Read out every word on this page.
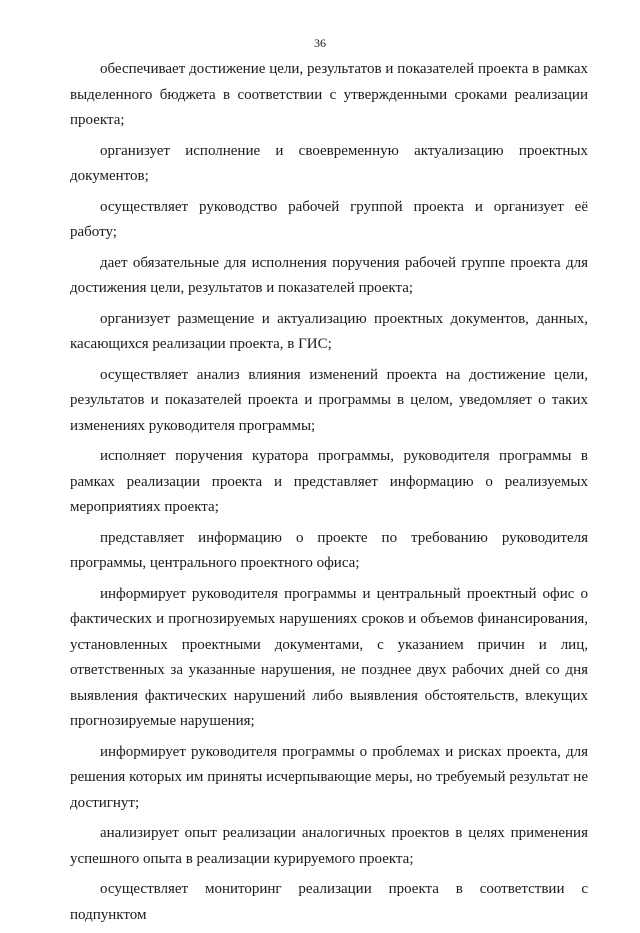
36

обеспечивает достижение цели, результатов и показателей проекта в рамках выделенного бюджета в соответствии с утвержденными сроками реализации проекта;

организует исполнение и своевременную актуализацию проектных документов;

осуществляет руководство рабочей группой проекта и организует её работу;

дает обязательные для исполнения поручения рабочей группе проекта для достижения цели, результатов и показателей проекта;

организует размещение и актуализацию проектных документов, данных, касающихся реализации проекта, в ГИС;

осуществляет анализ влияния изменений проекта на достижение цели, результатов и показателей проекта и программы в целом, уведомляет о таких изменениях руководителя программы;

исполняет поручения куратора программы, руководителя программы в рамках реализации проекта и представляет информацию о реализуемых мероприятиях проекта;

представляет информацию о проекте по требованию руководителя программы, центрального проектного офиса;

информирует руководителя программы и центральный проектный офис о фактических и прогнозируемых нарушениях сроков и объемов финансирования, установленных проектными документами, с указанием причин и лиц, ответственных за указанные нарушения, не позднее двух рабочих дней со дня выявления фактических нарушений либо выявления обстоятельств, влекущих прогнозируемые нарушения;

информирует руководителя программы о проблемах и рисках проекта, для решения которых им приняты исчерпывающие меры, но требуемый результат не достигнут;

анализирует опыт реализации аналогичных проектов в целях применения успешного опыта в реализации курируемого проекта;

осуществляет мониторинг реализации проекта в соответствии с подпунктом
